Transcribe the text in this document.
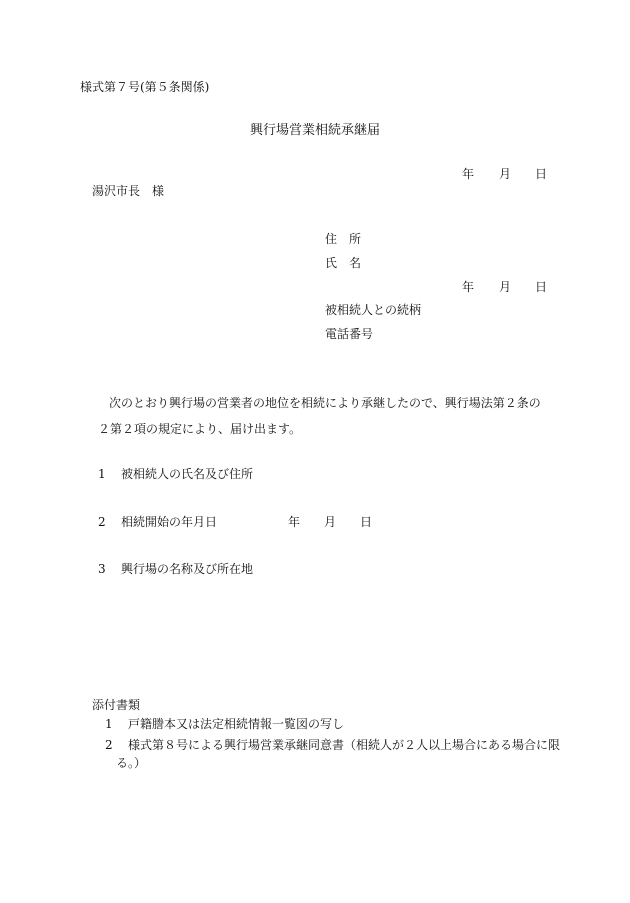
様式第７号(第５条関係)
興行場営業相続承継届
年 月 日
湯沢市長　様
住　所
氏　名
年 月 日
被相続人との続柄
電話番号
次のとおり興行場の営業者の地位を相続により承継したので、興行場法第２条の
２第２項の規定により、届け出ます。
1 被相続人の氏名及び住所
2 相続開始の年月日	年 月 日
3 興行場の名称及び所在地
添付書類
1 戸籍謄本又は法定相続情報一覧図の写し
2 様式第８号による興行場営業承継同意書（相続人が２人以上場合にある場合に限
る。）
